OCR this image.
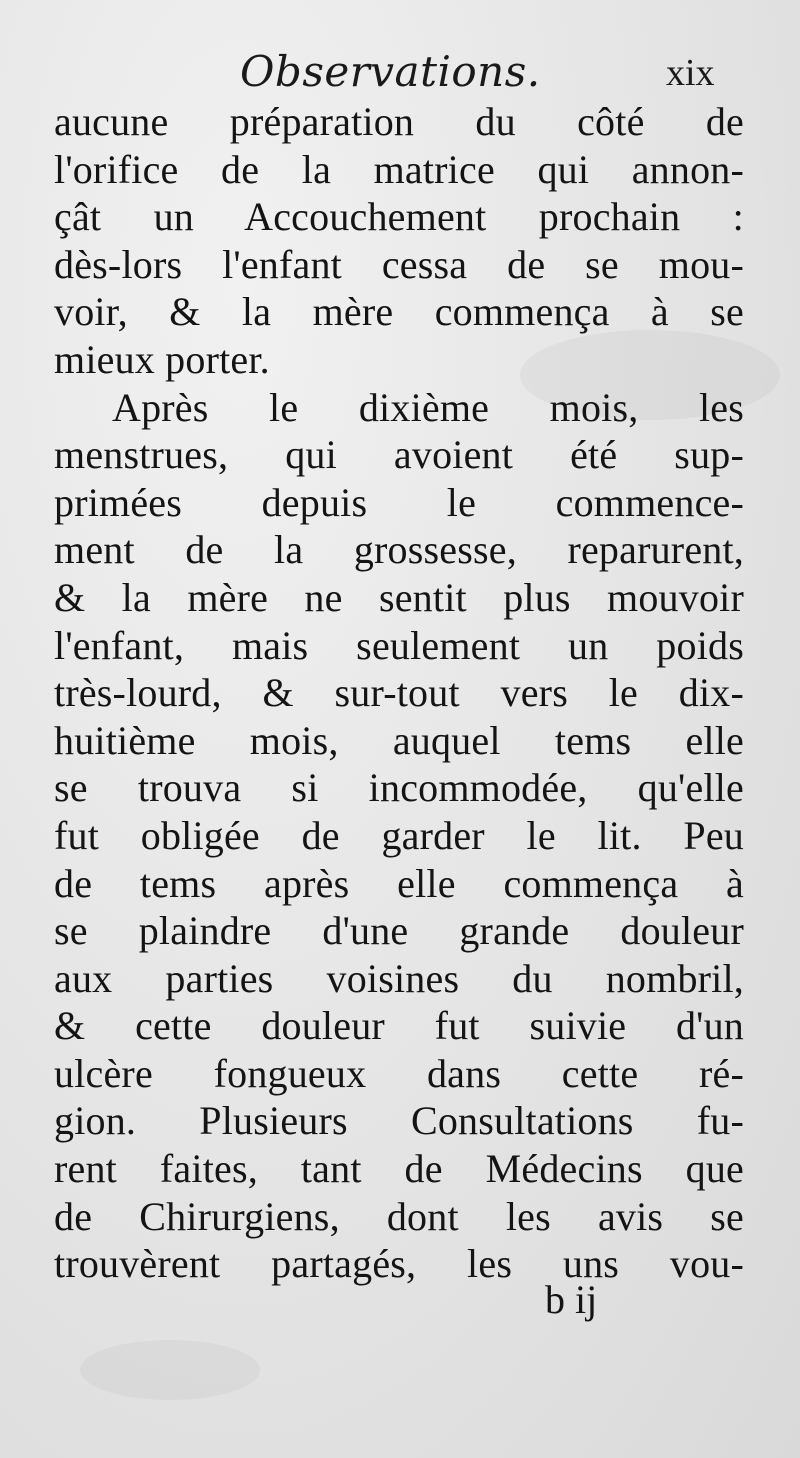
Observations.	xix
aucune préparation du côté de
l'orifice de la matrice qui annon-
çât un Accouchement prochain :
dès-lors l'enfant cessa de se mou-
voir, & la mère commença à se
mieux porter.
Après le dixième mois, les
menstrues, qui avoient été sup-
primées depuis le commence-
ment de la grossesse, reparurent,
& la mère ne sentit plus mouvoir
l'enfant, mais seulement un poids
très-lourd, & sur-tout vers le dix-
huitième mois, auquel tems elle
se trouva si incommodée, qu'elle
fut obligée de garder le lit. Peu
de tems après elle commença à
se plaindre d'une grande douleur
aux parties voisines du nombril,
& cette douleur fut suivie d'un
ulcère fongueux dans cette ré-
gion. Plusieurs Consultations fu-
rent faites, tant de Médecins que
de Chirurgiens, dont les avis se
trouvèrent partagés, les uns vou-
b ij
